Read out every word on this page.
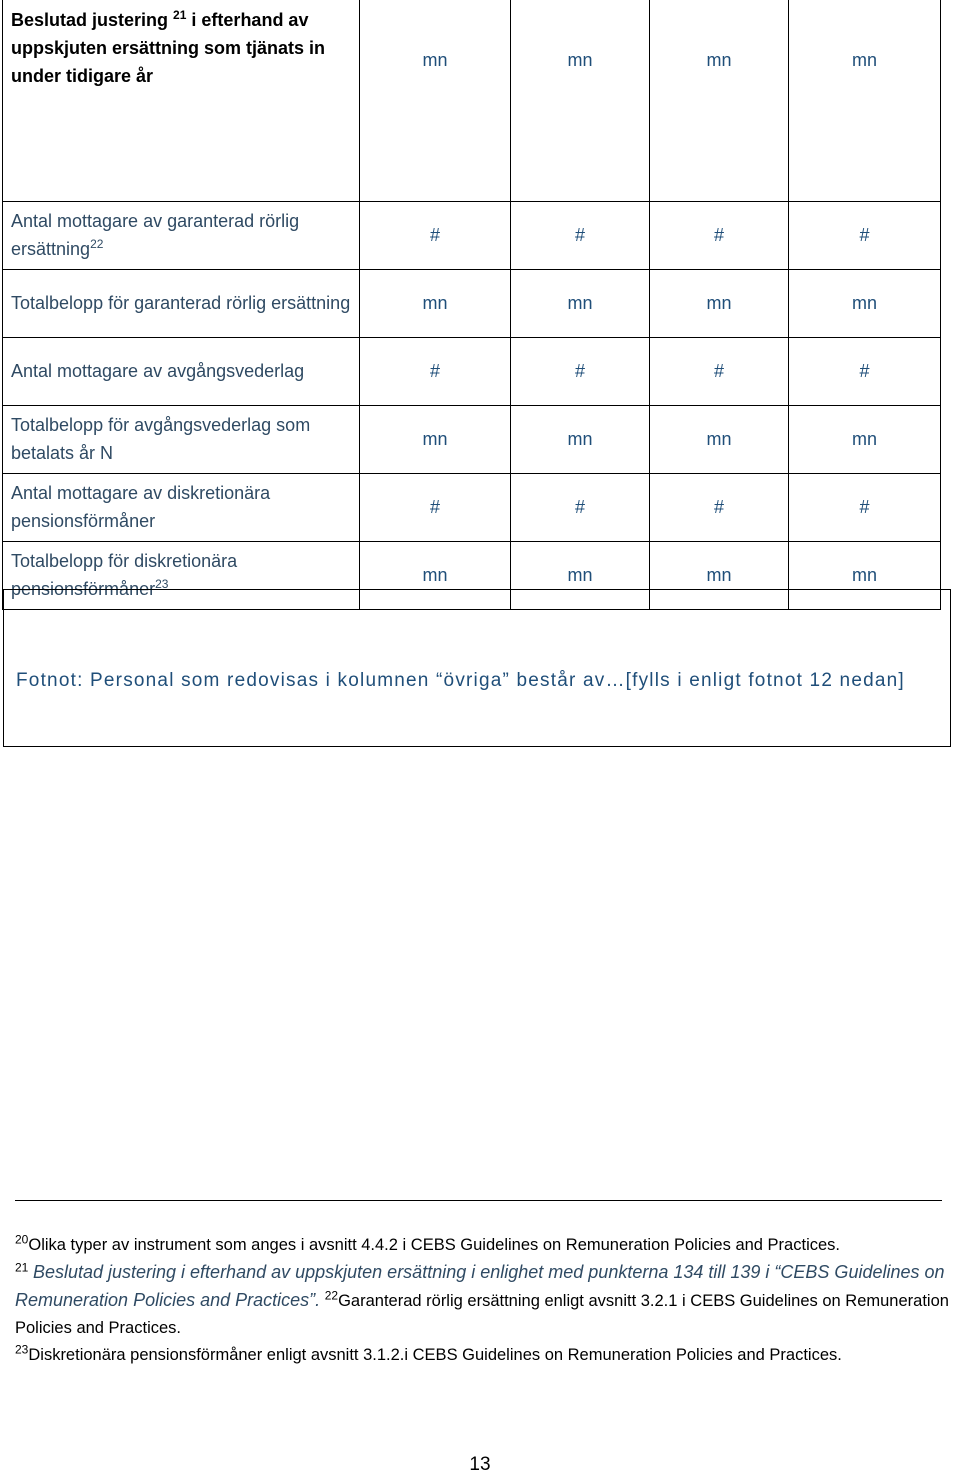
Beslutad justering $^{21}$ i efterhand av uppskjuten ersättning som tjänats in under tidigare år	mn	mn	mn	mn
Antal mottagare av garanterad rörlig ersättning$^{22}$	#	#	#	#
Totalbelopp för garanterad rörlig ersättning	mn	mn	mn	mn
Antal mottagare av avgångsvederlag	#	#	#	#
Totalbelopp för avgångsvederlag som betalats år N	mn	mn	mn	mn
Antal mottagare av diskretionära pensionsförmåner	#	#	#	#
Totalbelopp för diskretionära pensionsförmåner$^{23}$	mn	mn	mn	mn
Fotnot: Personal som redovisas i kolumnen “övriga” består av…[fylls i enligt fotnot 12 nedan]
$^{20}$Olika typer av instrument som anges i avsnitt 4.4.2 i CEBS Guidelines on Remuneration Policies and Practices.
$^{21}$ Beslutad justering i efterhand av uppskjuten ersättning i enlighet med punkterna 134 till 139 i “CEBS Guidelines on Remuneration Policies and Practices”. $^{22}$Garanterad rörlig ersättning enligt avsnitt 3.2.1 i CEBS Guidelines on Remuneration Policies and Practices.
$^{23}$Diskretionära pensionsförmåner enligt avsnitt 3.1.2.i CEBS Guidelines on Remuneration Policies and Practices.
13
